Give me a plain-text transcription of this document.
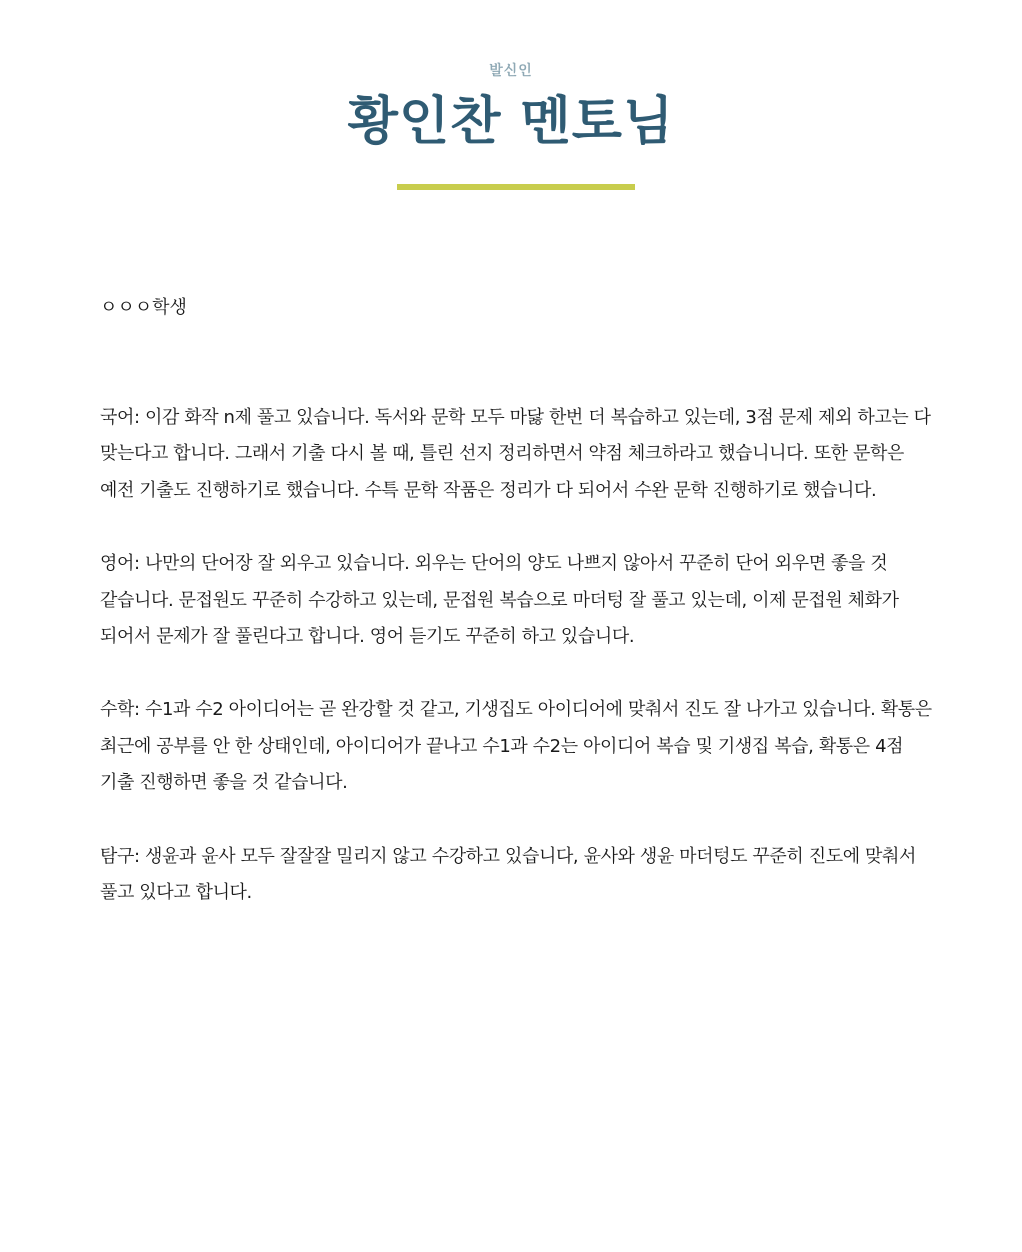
발신인
황인찬 멘토님
ㅇㅇㅇ학생

국어: 이감 화작 n제 풀고 있습니다. 독서와 문학 모두 마닳 한번 더 복습하고 있는데, 3점 문제 제외 하고는 다 맞는다고 합니다. 그래서 기출 다시 볼 때, 틀린 선지 정리하면서 약점 체크하라고 했습니니다. 또한 문학은 예전 기출도 진행하기로 했습니다. 수특 문학 작품은 정리가 다 되어서 수완 문학 진행하기로 했습니다.

영어: 나만의 단어장 잘 외우고 있습니다. 외우는 단어의 양도 나쁘지 않아서 꾸준히 단어 외우면 좋을 것 같습니다. 문접원도 꾸준히 수강하고 있는데, 문접원 복습으로 마더텅 잘 풀고 있는데, 이제 문접원 체화가 되어서 문제가 잘 풀린다고 합니다. 영어 듣기도 꾸준히 하고 있습니다.

수학: 수1과 수2 아이디어는 곧 완강할 것 같고, 기생집도 아이디어에 맞춰서 진도 잘 나가고 있습니다. 확통은 최근에 공부를 안 한 상태인데, 아이디어가 끝나고 수1과 수2는 아이디어 복습 및 기생집 복습, 확통은 4점 기출 진행하면 좋을 것 같습니다.

탐구: 생윤과 윤사 모두 잘잘잘 밀리지 않고 수강하고 있습니다, 윤사와 생윤 마더텅도 꾸준히 진도에 맞춰서 풀고 있다고 합니다.
